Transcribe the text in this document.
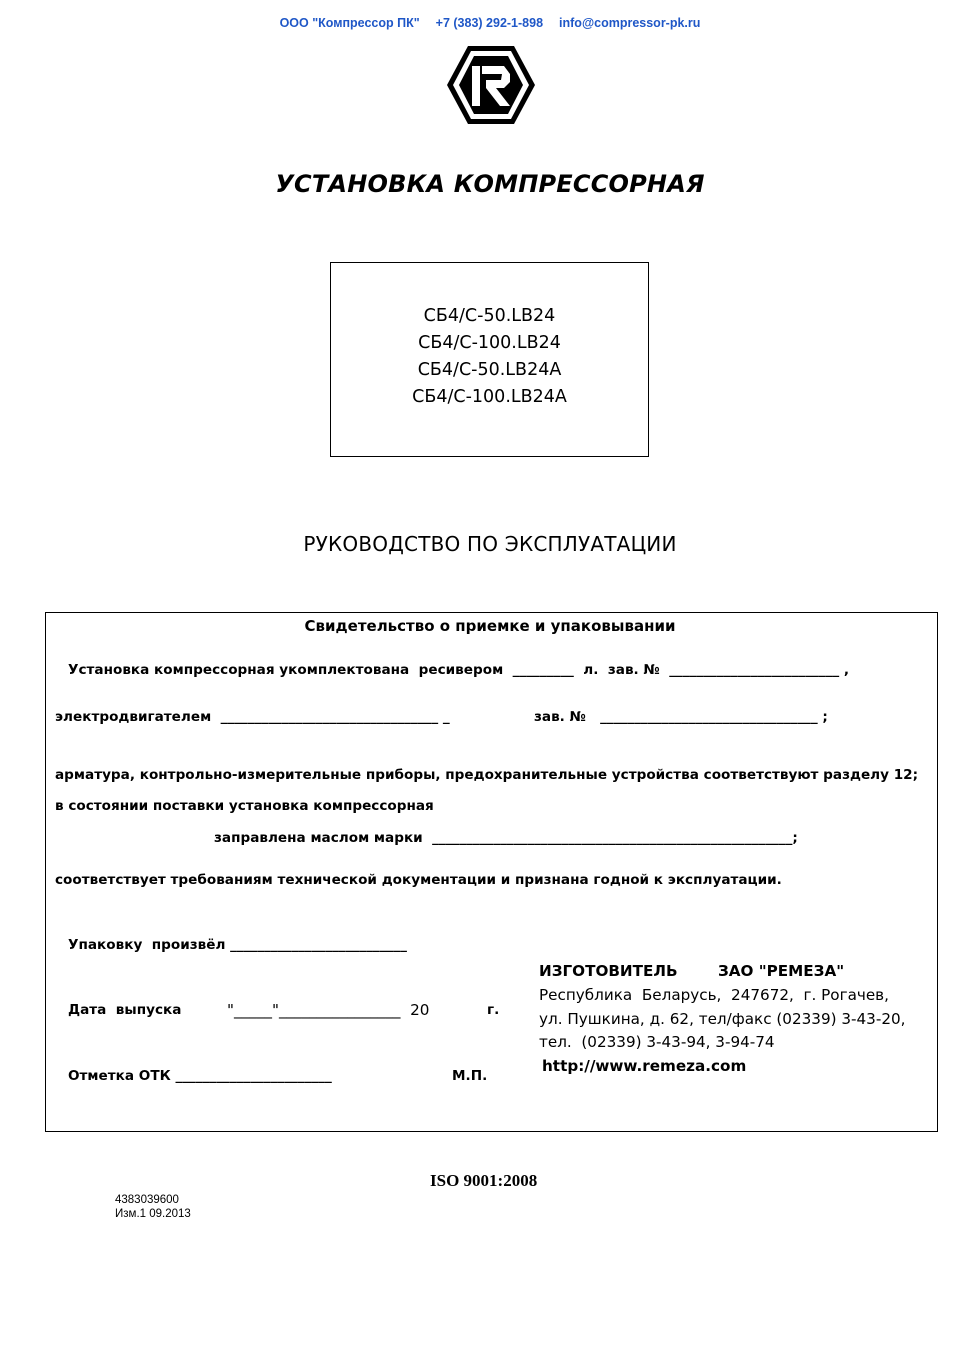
ООО "Компрессор ПК" +7 (383) 292-1-898 info@compressor-pk.ru
УСТАНОВКА КОМПРЕССОРНАЯ
СБ4/С-50.LB24
СБ4/С-100.LB24
СБ4/С-50.LB24А
СБ4/С-100.LB24А
РУКОВОДСТВО ПО ЭКСПЛУАТАЦИИ
Свидетельство о приемке и упаковывании
Установка компрессорная укомплектована  ресивером  _________  л.  зав. №  _________________________ ,
электродвигателем  ________________________________ _	зав. №   ________________________________ ;
арматура, контрольно-измерительные приборы, предохранительные устройства соответствуют разделу 12;
в состоянии поставки установка компрессорная
заправлена маслом марки  _____________________________________________________;
соответствует требованиям технической документации и признана годной к эксплуатации.
Упаковку  произвёл __________________________
Дата  выпуска	"_____"________________  20	г.
Отметка ОТК _______________________	М.П.
ИЗГОТОВИТЕЛЬ	ЗАО "РЕМЕЗА"
Республика  Беларусь,  247672,  г. Рогачев,
ул. Пушкина, д. 62, тел/факс (02339) 3-43-20,
тел.  (02339) 3-43-94, 3-94-74
http://www.remeza.com
ISO 9001:2008
4383039600
Изм.1 09.2013
